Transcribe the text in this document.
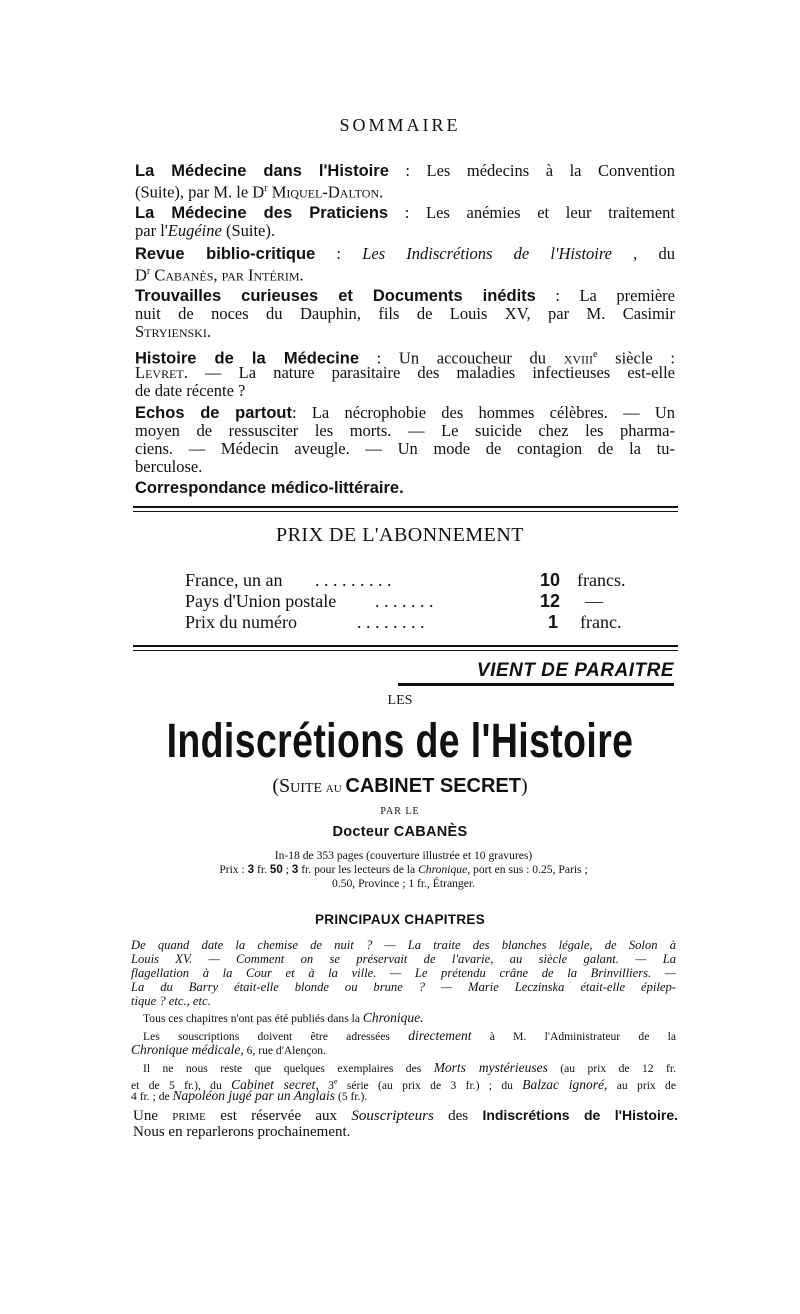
SOMMAIRE
La Médecine dans l'Histoire : Les médecins à la Convention
(Suite), par M. le $D^r$ Miquel-Dalton.
La Médecine des Praticiens : Les anémies et leur traitement
par l'Eugéine (Suite).
Revue biblio-critique : Les Indiscrétions de l'Histoire , du
$D^r$ Cabanès, par Intérim.
Trouvailles curieuses et Documents inédits : La première
nuit de noces du Dauphin, fils de Louis XV, par M. Casimir
Stryienski.
Histoire de la Médecine : Un accoucheur du xviii$^e$ siècle :
Levret. — La nature parasitaire des maladies infectieuses est-elle
de date récente ?
Echos de partout: La nécrophobie des hommes célèbres. — Un
moyen de ressusciter les morts. — Le suicide chez les pharma-
ciens. — Médecin aveugle. — Un mode de contagion de la tu-
berculose.
Correspondance médico-littéraire.
PRIX DE L'ABONNEMENT
France, un an . . . . . . . . .	10 francs.
Pays d'Union postale . . . . . . .	12 —
Prix du numéro	. . . . . . . .	1 franc.
VIENT DE PARAITRE
LES
Indiscrétions de l'Histoire
(Suite au CABINET SECRET)
PAR LE
Docteur CABANÈS
In-18 de 353 pages (couverture illustrée et 10 gravures)
Prix : 3 fr. 50 ; 3 fr. pour les lecteurs de la Chronique, port en sus : 0.25, Paris ;
0.50, Province ; 1 fr., Étranger.
PRINCIPAUX CHAPITRES
De quand date la chemise de nuit ? — La traite des blanches légale, de Solon à
Louis XV. — Comment on se préservait de l'avarie, au siècle galant. — La
flagellation à la Cour et à la ville. — Le prétendu crâne de la Brinvilliers. —
La du Barry était-elle blonde ou brune ? — Marie Leczinska était-elle épilep-
tique ? etc., etc.
Tous ces chapitres n'ont pas été publiés dans la Chronique.
Les souscriptions doivent être adressées directement à M. l'Administrateur de la
Chronique médicale, 6, rue d'Alençon.
Il ne nous reste que quelques exemplaires des Morts mystérieuses (au prix de 12 fr.
et de 5 fr.), du Cabinet secret, 3e série (au prix de 3 fr.) ; du Balzac ignoré, au prix de
4 fr. ; de Napoléon jugé par un Anglais (5 fr.).
Une prime est réservée aux Souscripteurs des Indiscrétions de l'Histoire.
Nous en reparlerons prochainement.
